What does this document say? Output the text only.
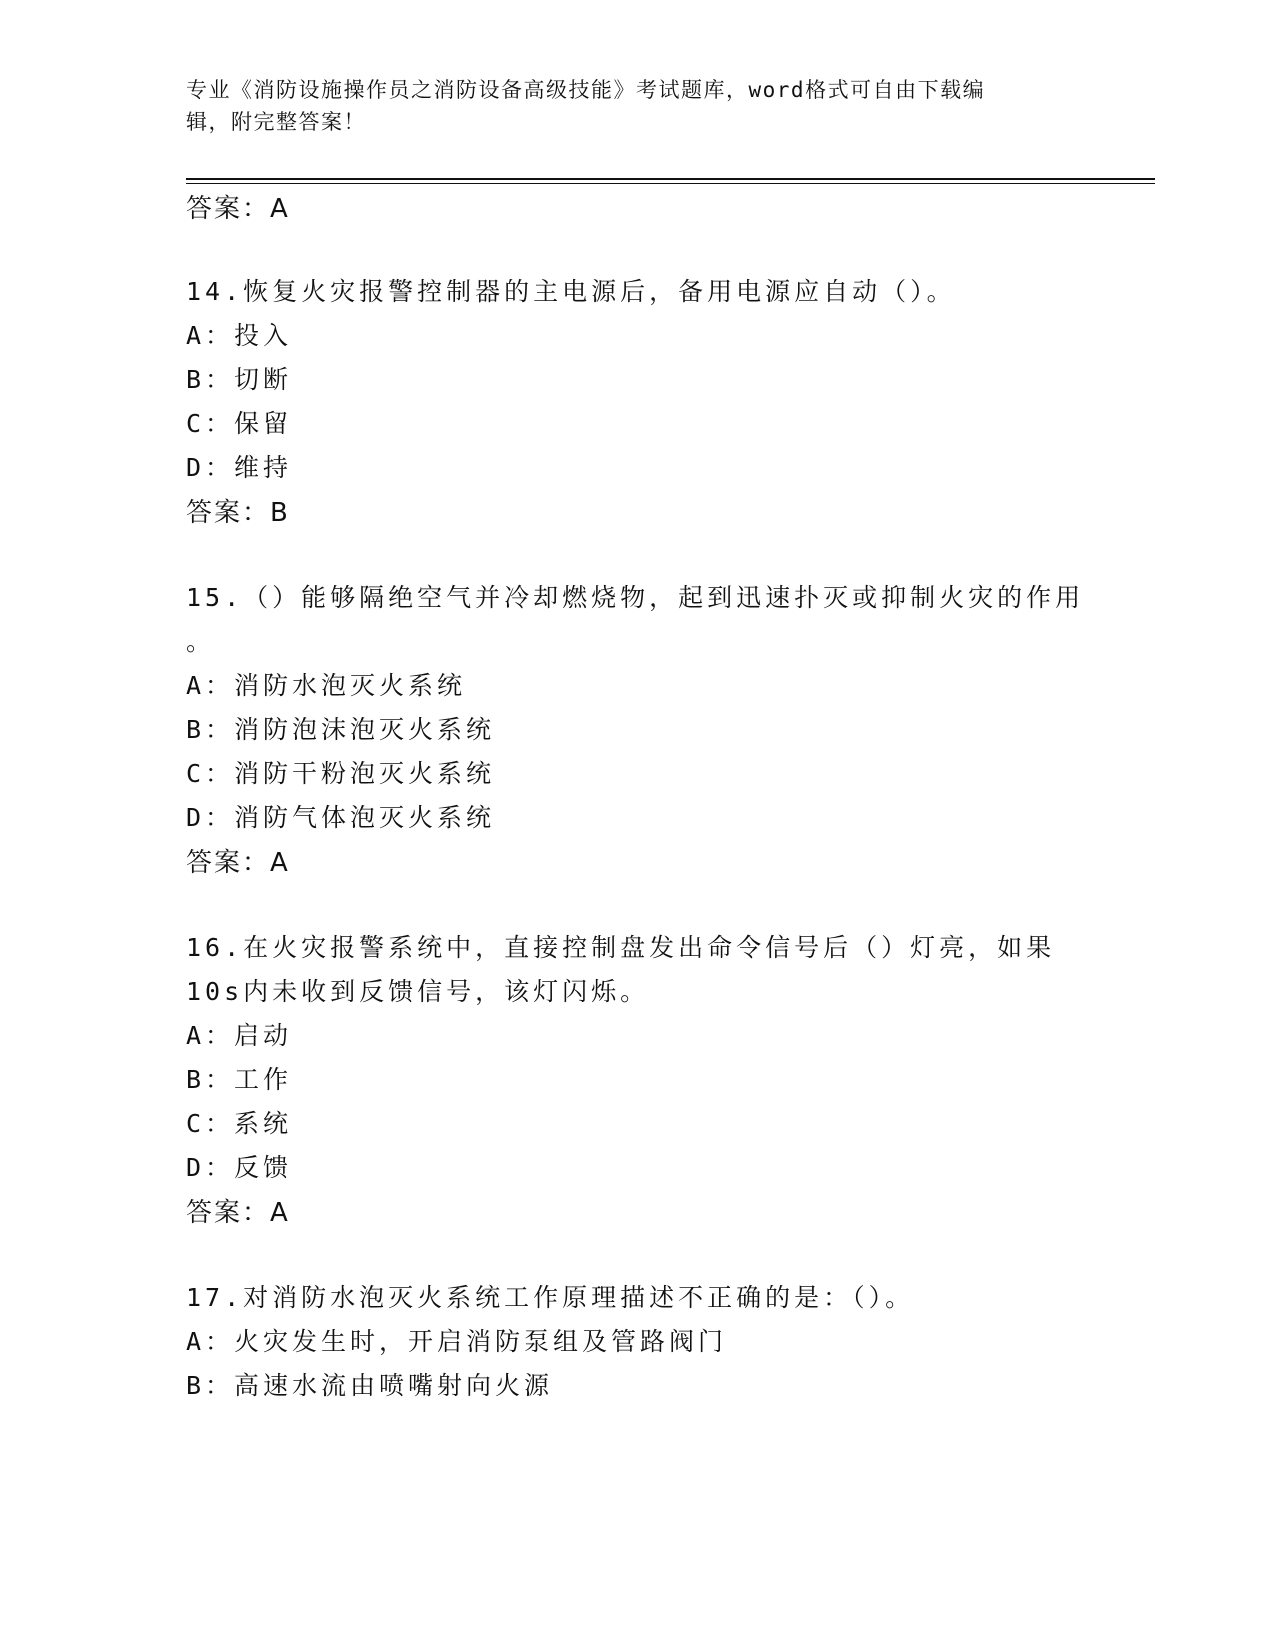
专业《消防设施操作员之消防设备高级技能》考试题库，word格式可自由下载编
辑，附完整答案！
答案：A
14.恢复火灾报警控制器的主电源后，备用电源应自动（）。
A：投入
B：切断
C：保留
D：维持
答案：B
15.（）能够隔绝空气并冷却燃烧物，起到迅速扑灭或抑制火灾的作用
。
A：消防水泡灭火系统
B：消防泡沫泡灭火系统
C：消防干粉泡灭火系统
D：消防气体泡灭火系统
答案：A
16.在火灾报警系统中，直接控制盘发出命令信号后（）灯亮，如果
10s内未收到反馈信号，该灯闪烁。
A：启动
B：工作
C：系统
D：反馈
答案：A
17.对消防水泡灭火系统工作原理描述不正确的是：（）。
A：火灾发生时，开启消防泵组及管路阀门
B：高速水流由喷嘴射向火源
